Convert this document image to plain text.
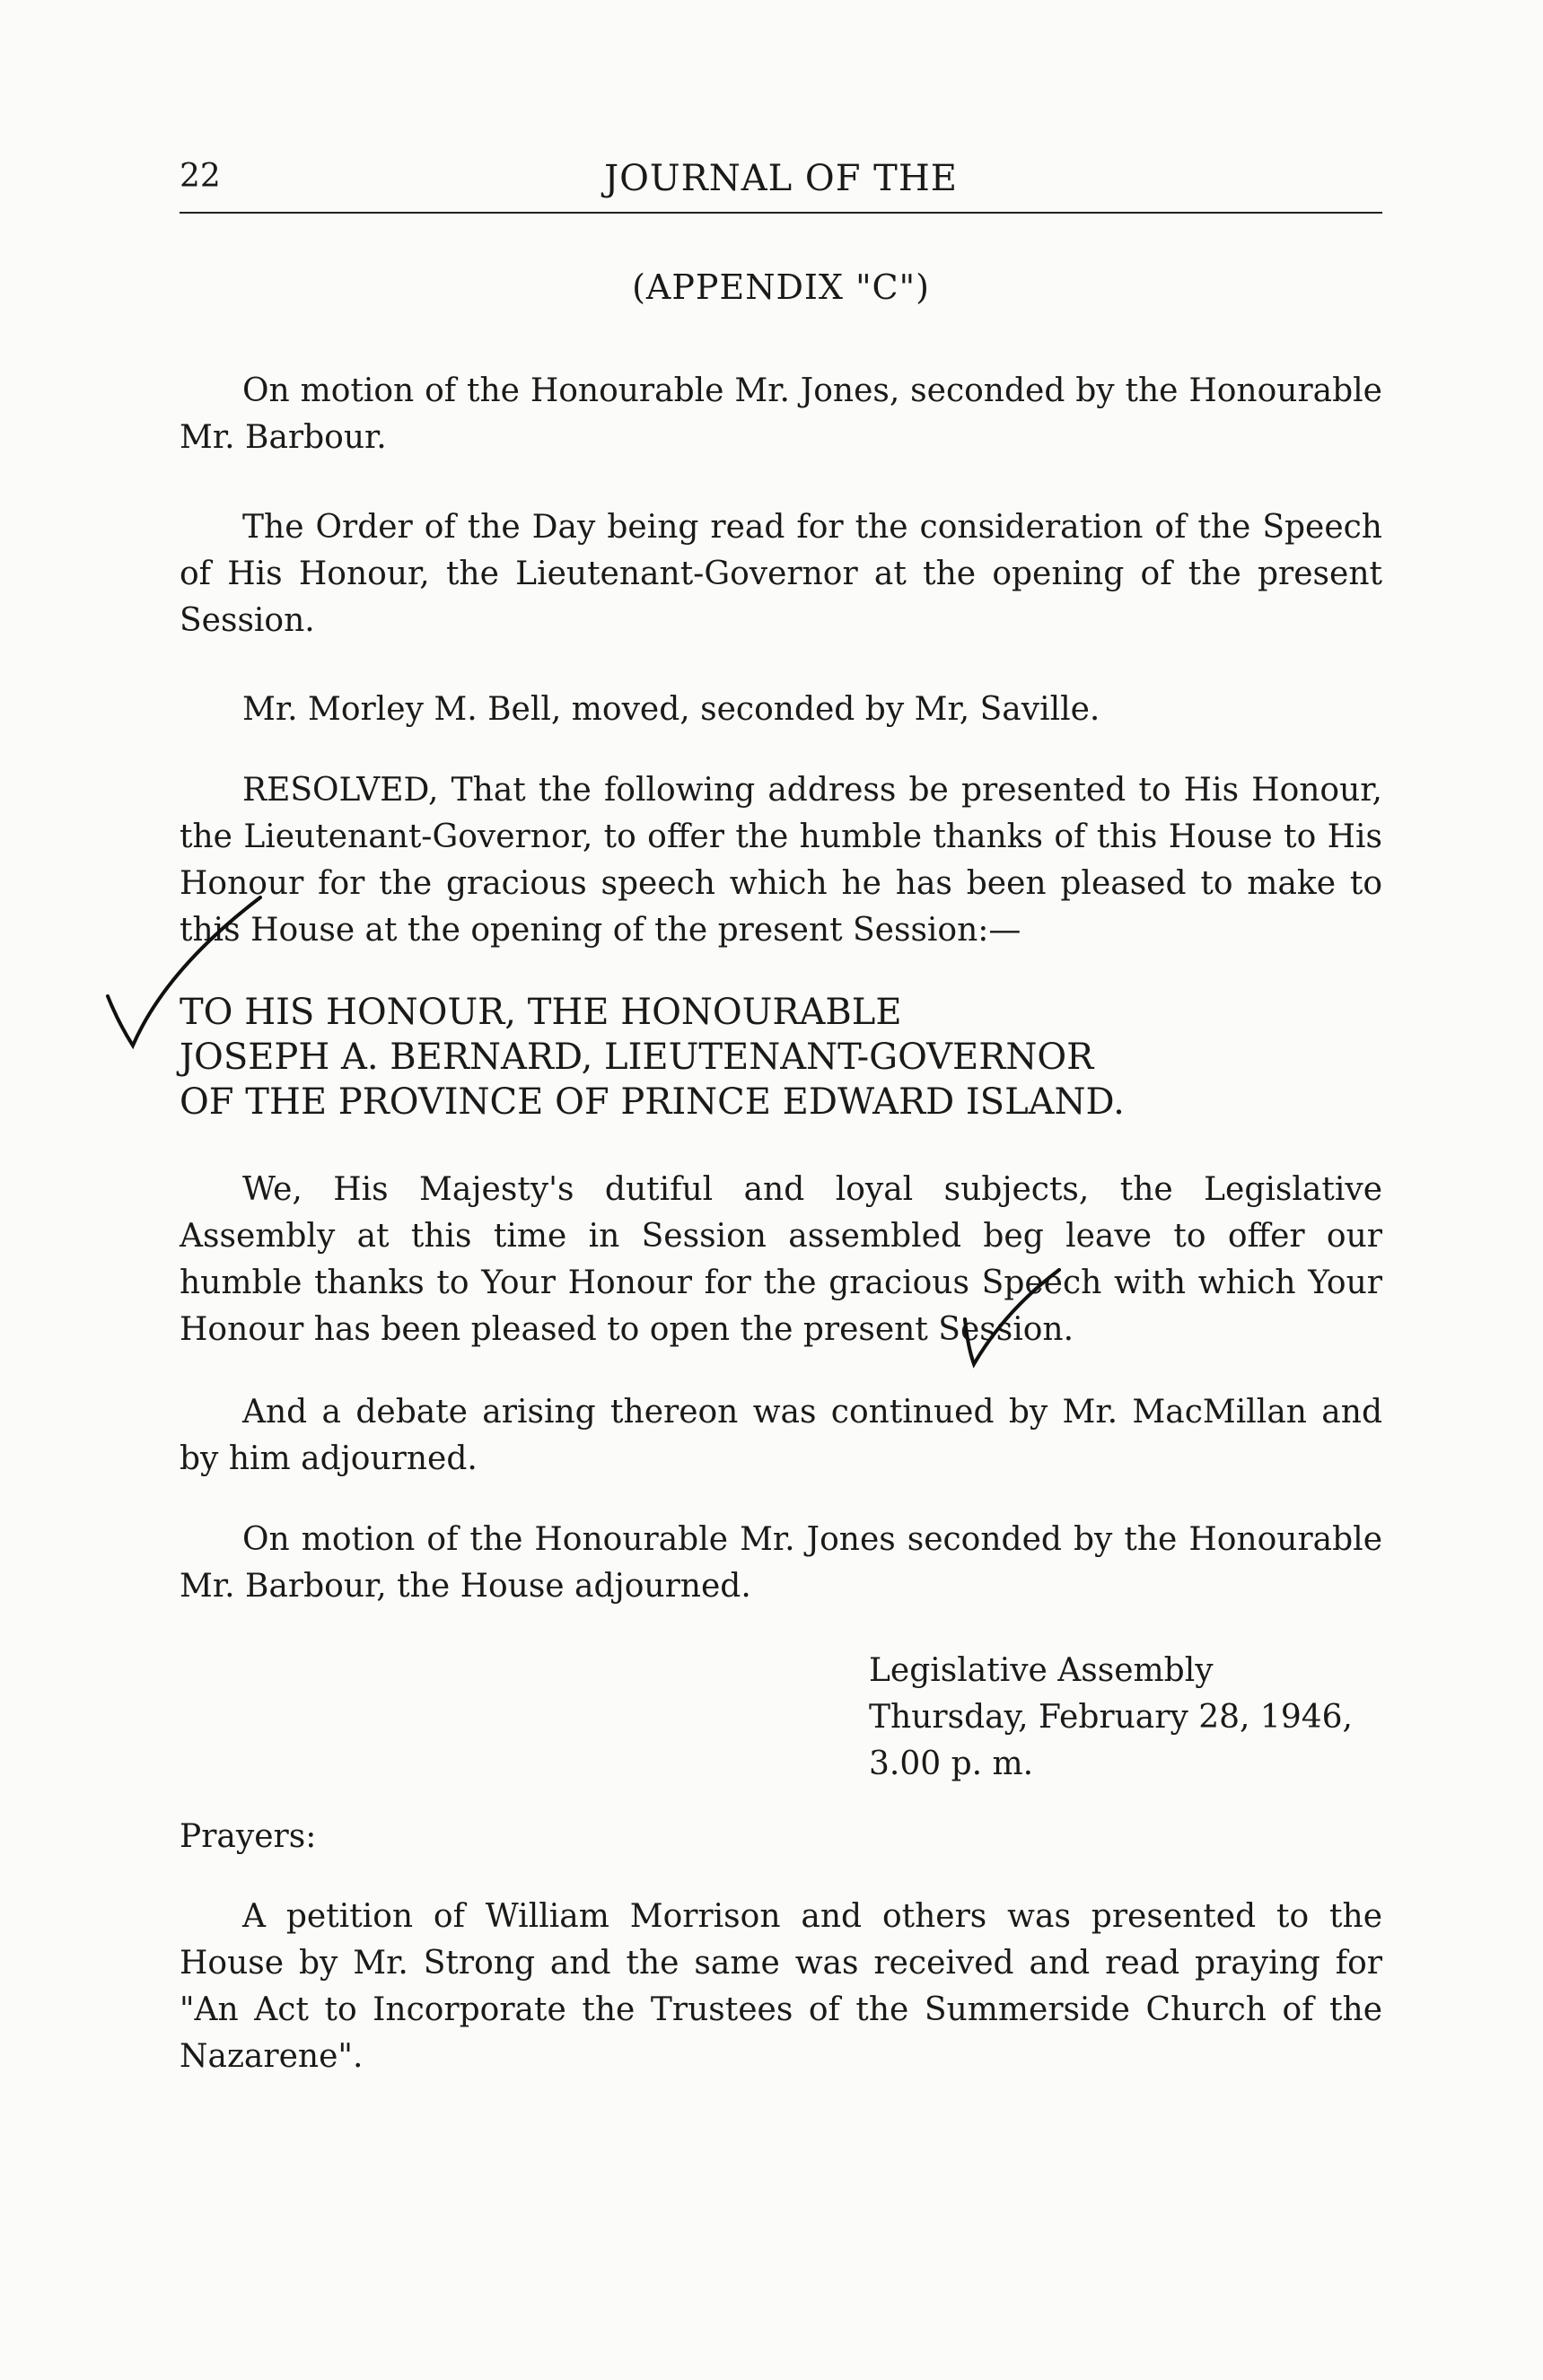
22	JOURNAL OF THE
(APPENDIX "C")
On motion of the Honourable Mr. Jones, seconded by the Honourable Mr. Barbour.
The Order of the Day being read for the consideration of the Speech of His Honour, the Lieutenant-Governor at the opening of the present Session.
Mr. Morley M. Bell, moved, seconded by Mr, Saville.
RESOLVED, That the following address be presented to His Honour, the Lieutenant-Governor, to offer the humble thanks of this House to His Honour for the gracious speech which he has been pleased to make to this House at the opening of the present Session:—
TO HIS HONOUR, THE HONOURABLE
JOSEPH A. BERNARD, LIEUTENANT-GOVERNOR
OF THE PROVINCE OF PRINCE EDWARD ISLAND.
We, His Majesty's dutiful and loyal subjects, the Legislative Assembly at this time in Session assembled beg leave to offer our humble thanks to Your Honour for the gracious Speech with which Your Honour has been pleased to open the present Session.
And a debate arising thereon was continued by Mr. MacMillan and by him adjourned.
On motion of the Honourable Mr. Jones seconded by the Honourable Mr. Barbour, the House adjourned.
Legislative Assembly
Thursday, February 28, 1946,
3.00 p. m.
Prayers:
A petition of William Morrison and others was presented to the House by Mr. Strong and the same was received and read praying for "An Act to Incorporate the Trustees of the Summerside Church of the Nazarene".
